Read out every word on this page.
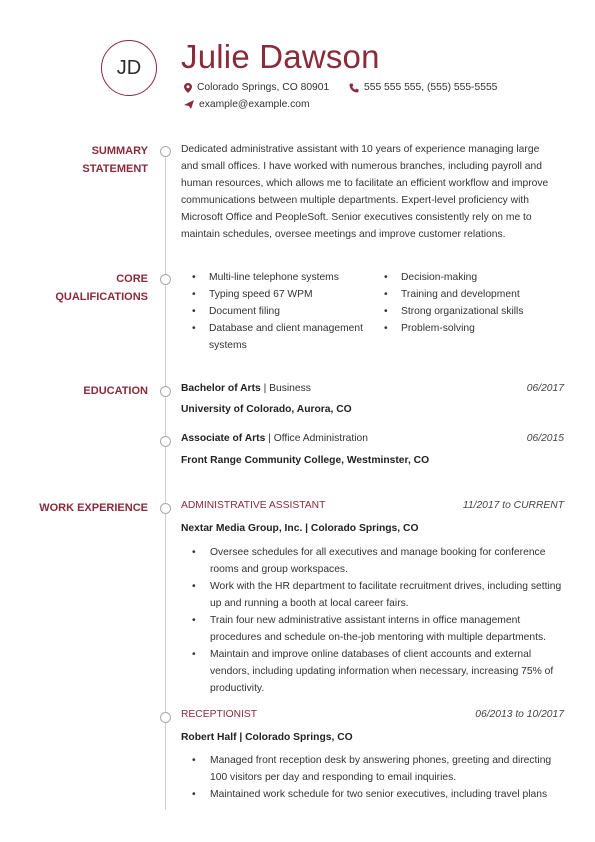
JD Julie Dawson
Colorado Springs, CO 80901	555 555 555, (555) 555-5555
example@example.com
SUMMARY
STATEMENT
Dedicated administrative assistant with 10 years of experience managing large
and small offices. I have worked with numerous branches, including payroll and
human resources, which allows me to facilitate an efficient workflow and improve
communications between multiple departments. Expert-level proficiency with
Microsoft Office and PeopleSoft. Senior executives consistently rely on me to
maintain schedules, oversee meetings and improve customer relations.
CORE
QUALIFICATIONS
• Multi-line telephone systems
• Typing speed 67 WPM
• Document filing
• Database and client management systems
• Decision-making
• Training and development
• Strong organizational skills
• Problem-solving
EDUCATION	Bachelor of Arts | Business	06/2017
University of Colorado, Aurora, CO
Associate of Arts | Office Administration	06/2015
Front Range Community College, Westminster, CO
WORK EXPERIENCE	ADMINISTRATIVE ASSISTANT	11/2017 to CURRENT
Nextar Media Group, Inc. | Colorado Springs, CO
• Oversee schedules for all executives and manage booking for conference rooms and group workspaces.
• Work with the HR department to facilitate recruitment drives, including setting up and running a booth at local career fairs.
• Train four new administrative assistant interns in office management procedures and schedule on-the-job mentoring with multiple departments.
• Maintain and improve online databases of client accounts and external vendors, including updating information when necessary, increasing 75% of productivity.
RECEPTIONIST	06/2013 to 10/2017
Robert Half | Colorado Springs, CO
• Managed front reception desk by answering phones, greeting and directing 100 visitors per day and responding to email inquiries.
• Maintained work schedule for two senior executives, including travel plans
